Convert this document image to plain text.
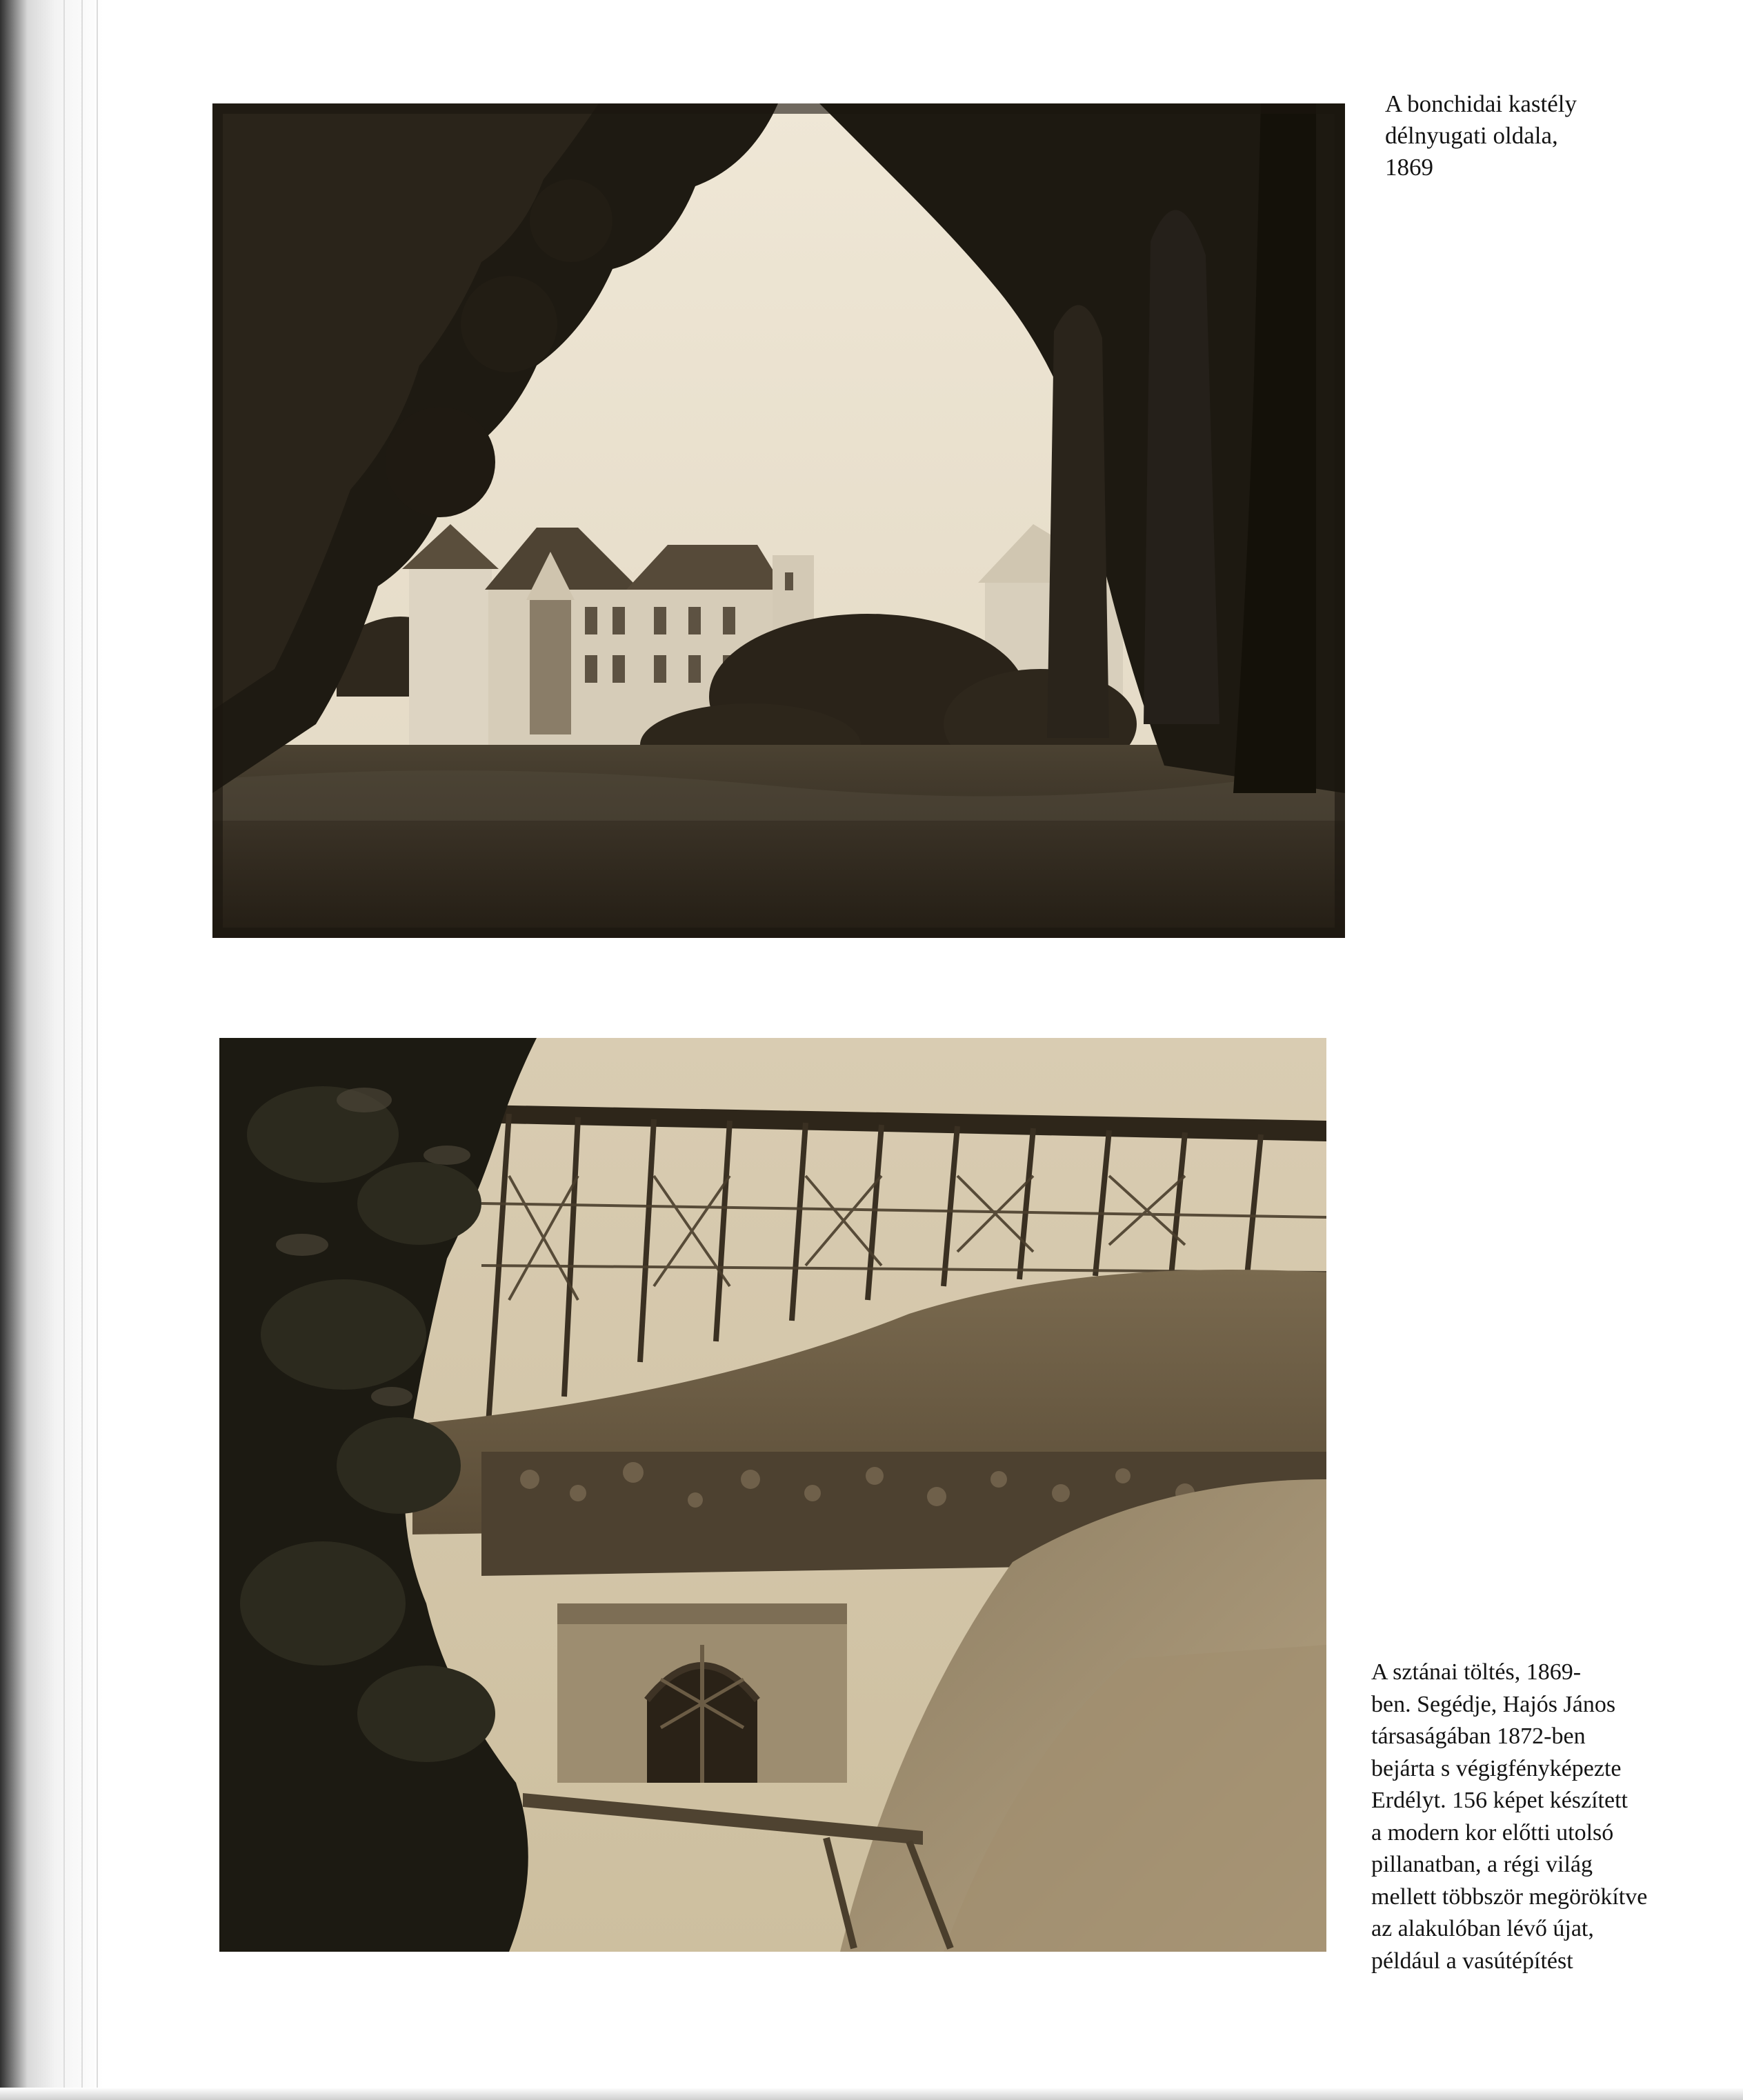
A bonchidai kastély
délnyugati oldala,
1869
A sztánai töltés, 1869-
ben. Segédje, Hajós János
társaságában 1872-ben
bejárta s végigfényképezte
Erdélyt. 156 képet készített
a modern kor előtti utolsó
pillanatban, a régi világ
mellett többször megörökítve
az alakulóban lévő újat,
például a vasútépítést
